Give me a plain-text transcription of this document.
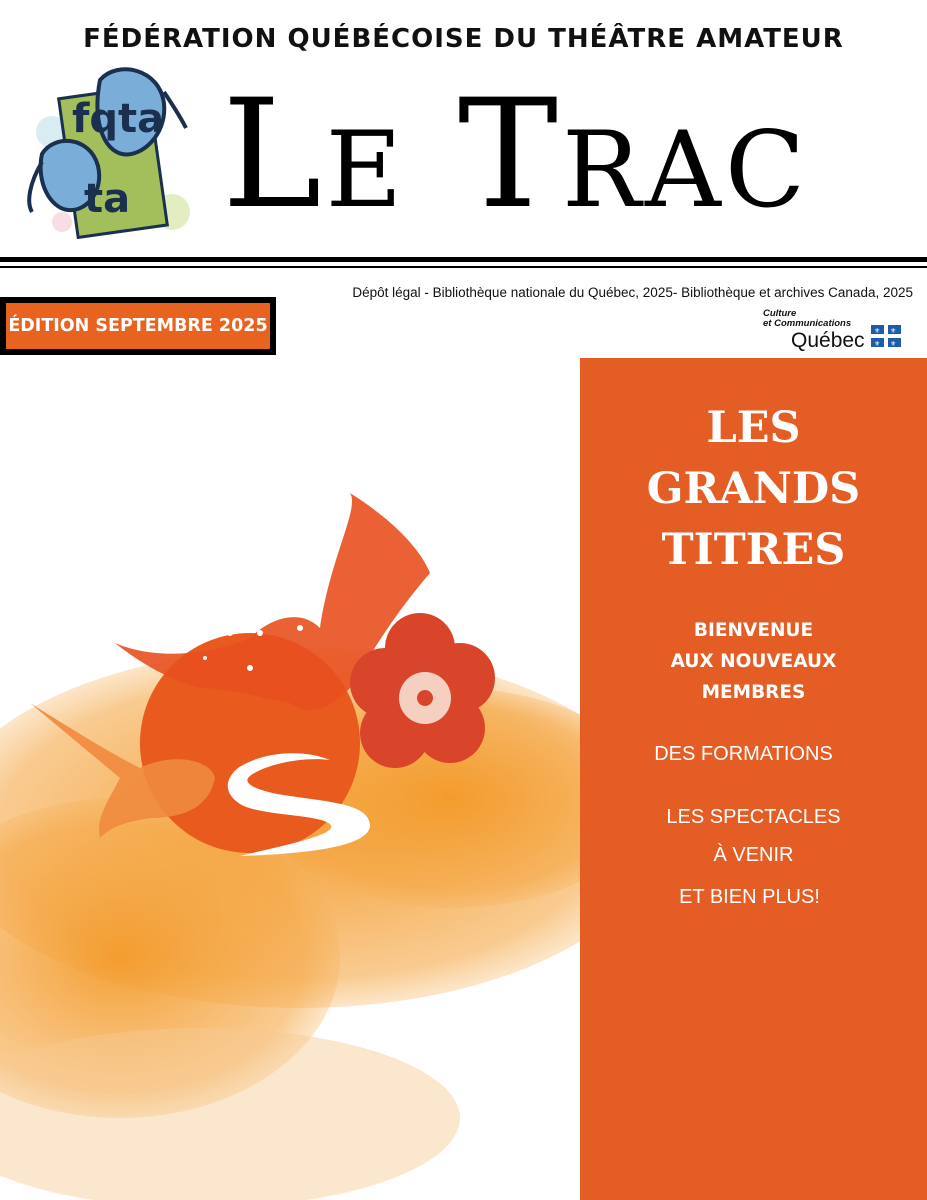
FÉDÉRATION QUÉBÉCOISE DU THÉÂTRE AMATEUR
fqta
ta Le Trac
Dépôt légal - Bibliothèque nationale du Québec, 2025- Bibliothèque et archives Canada, 2025
ÉDITION SEPTEMBRE 2025
Culture
et Communications
Québec ⚜ ⚜
⚜ ⚜
LES
GRANDS
TITRES
BIENVENUE
AUX NOUVEAUX
MEMBRES
DES FORMATIONS
LES SPECTACLES
À VENIR
ET BIEN PLUS!
